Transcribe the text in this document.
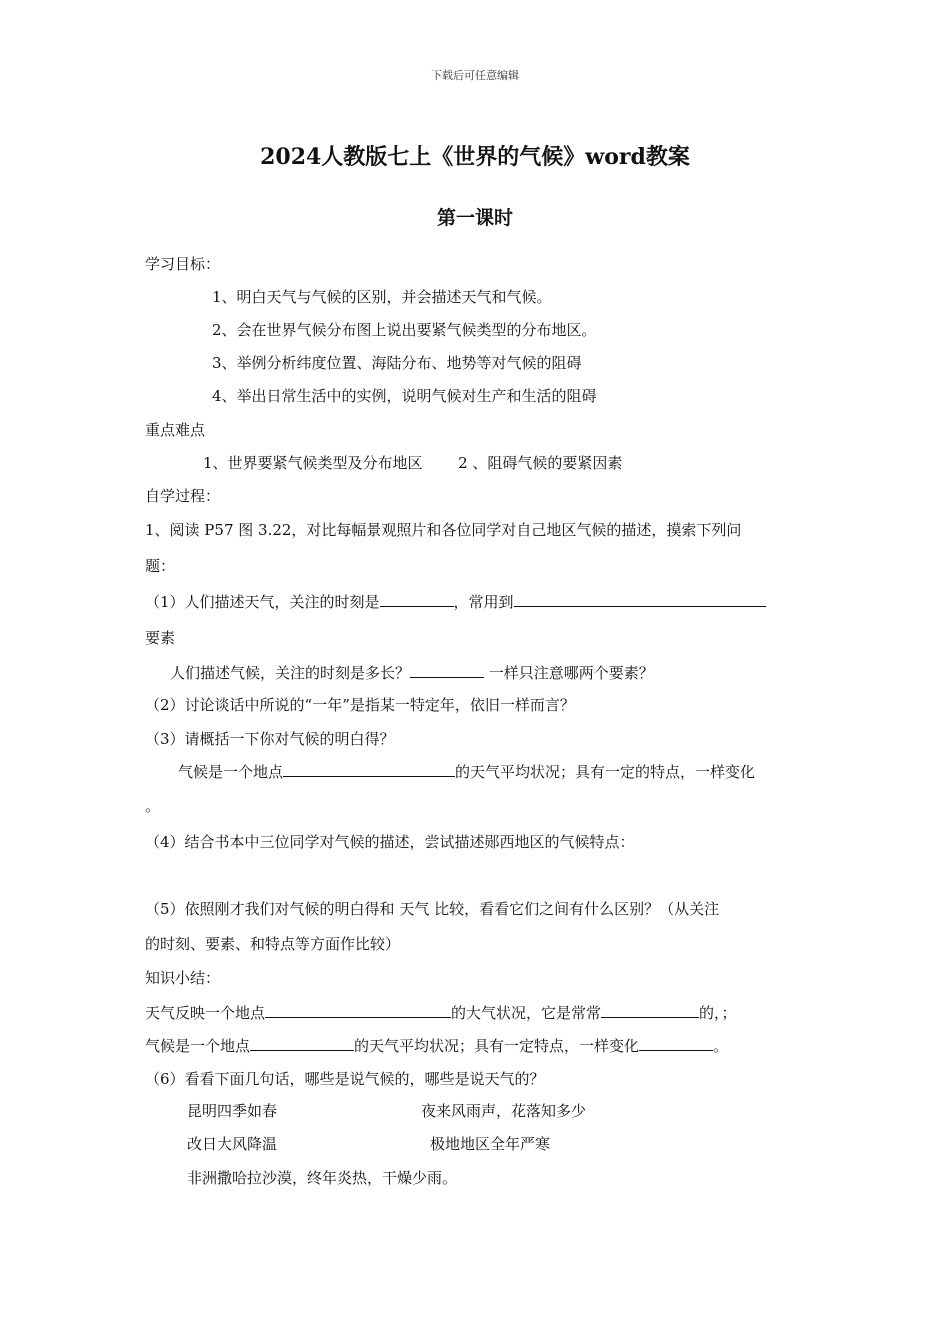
下载后可任意编辑
2024人教版七上《世界的气候》word教案
第一课时
学习目标：
1、明白天气与气候的区别，并会描述天气和气候。
2、会在世界气候分布图上说出要紧气候类型的分布地区。
3、举例分析纬度位置、海陆分布、地势等对气候的阻碍
4、举出日常生活中的实例，说明气候对生产和生活的阻碍
重点难点
1、世界要紧气候类型及分布地区 2 、阻碍气候的要紧因素
自学过程：
1、阅读 P57 图 3.22，对比每幅景观照片和各位同学对自己地区气候的描述，摸索下列问
题：
（1）人们描述天气，关注的时刻是	，常用到
要素
人们描述气候，关注的时刻是多长？	一样只注意哪两个要素？
（2）讨论谈话中所说的“一年”是指某一特定年，依旧一样而言？
（3）请概括一下你对气候的明白得？
气候是一个地点	的天气平均状况；具有一定的特点，一样变化
。
（4）结合书本中三位同学对气候的描述，尝试描述郧西地区的气候特点：
（5）依照刚才我们对气候的明白得和 天气 比较，看看它们之间有什么区别？（从关注
的时刻、要素、和特点等方面作比较）
知识小结：
天气反映一个地点	的大气状况，它是常常	的，；
气候是一个地点	的天气平均状况；具有一定特点，一样变化	。
（6）看看下面几句话，哪些是说气候的，哪些是说天气的？
昆明四季如春	夜来风雨声，花落知多少
改日大风降温	极地地区全年严寒
非洲撒哈拉沙漠，终年炎热，干燥少雨。
